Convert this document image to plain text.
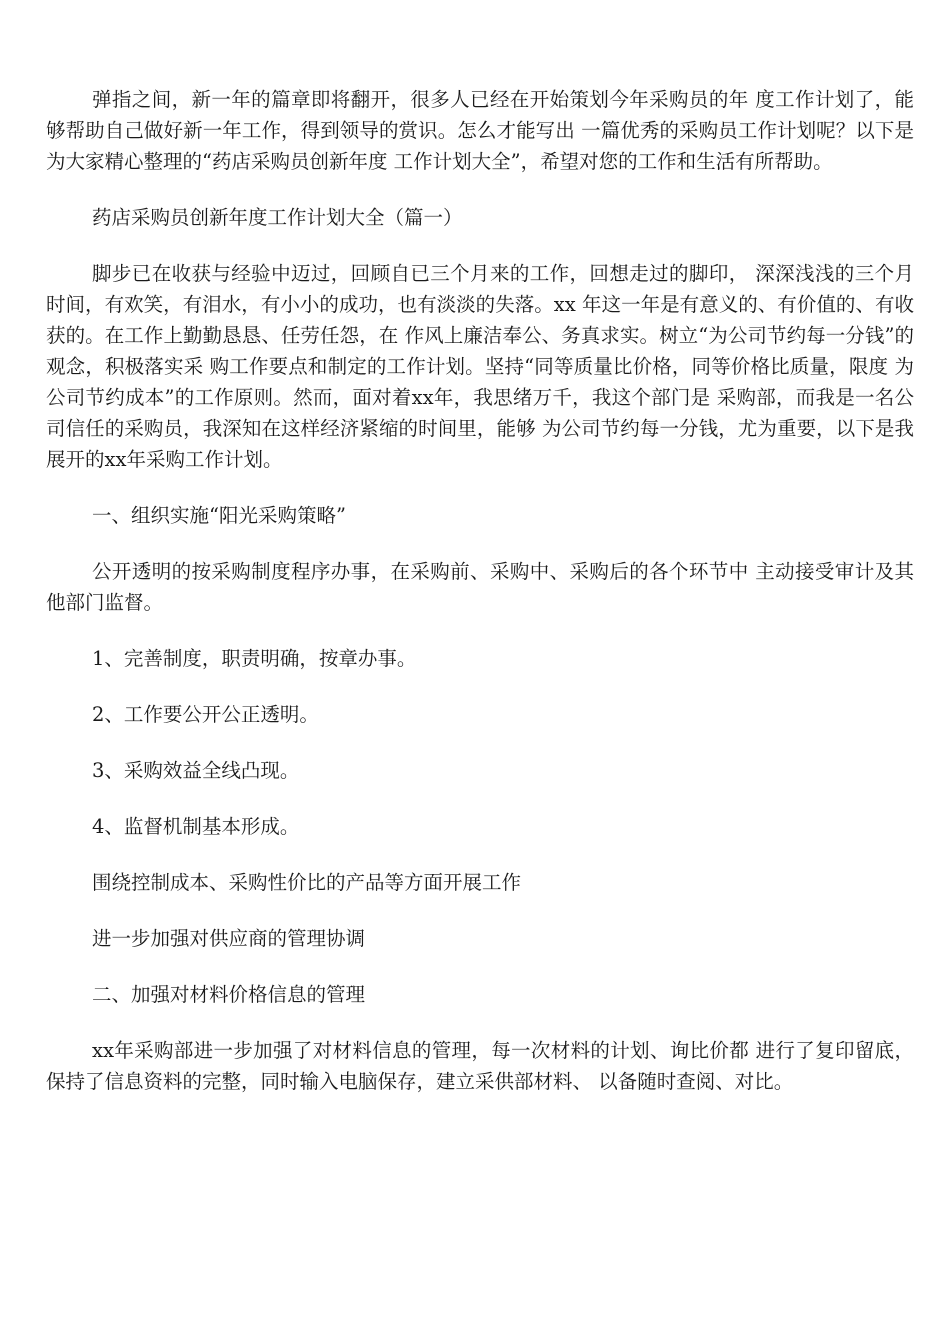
弹指之间，新一年的篇章即将翻开，很多人已经在开始策划今年采购员的年 度工作计划了，能够帮助自己做好新一年工作，得到领导的赏识。怎么才能写出 一篇优秀的采购员工作计划呢？以下是为大家精心整理的“药店采购员创新年度 工作计划大全”，希望对您的工作和生活有所帮助。

药店采购员创新年度工作计划大全（篇一）

脚步已在收获与经验中迈过，回顾自已三个月来的工作，回想走过的脚印， 深深浅浅的三个月时间，有欢笑，有泪水，有小小的成功，也有淡淡的失落。xx 年这一年是有意义的、有价值的、有收获的。在工作上勤勤恳恳、任劳任怨，在 作风上廉洁奉公、务真求实。树立“为公司节约每一分钱”的观念，积极落实采 购工作要点和制定的工作计划。坚持“同等质量比价格，同等价格比质量，限度 为公司节约成本”的工作原则。然而，面对着xx年，我思绪万千，我这个部门是 采购部，而我是一名公司信任的采购员，我深知在这样经济紧缩的时间里，能够 为公司节约每一分钱，尤为重要，以下是我展开的xx年采购工作计划。

一、组织实施“阳光采购策略”

公开透明的按采购制度程序办事，在采购前、采购中、采购后的各个环节中 主动接受审计及其他部门监督。

1、完善制度，职责明确，按章办事。

2、工作要公开公正透明。

3、采购效益全线凸现。

4、监督机制基本形成。

围绕控制成本、采购性价比的产品等方面开展工作

进一步加强对供应商的管理协调

二、加强对材料价格信息的管理

xx年采购部进一步加强了对材料信息的管理，每一次材料的计划、询比价都 进行了复印留底，保持了信息资料的完整，同时输入电脑保存，建立采供部材料、 以备随时查阅、对比。
